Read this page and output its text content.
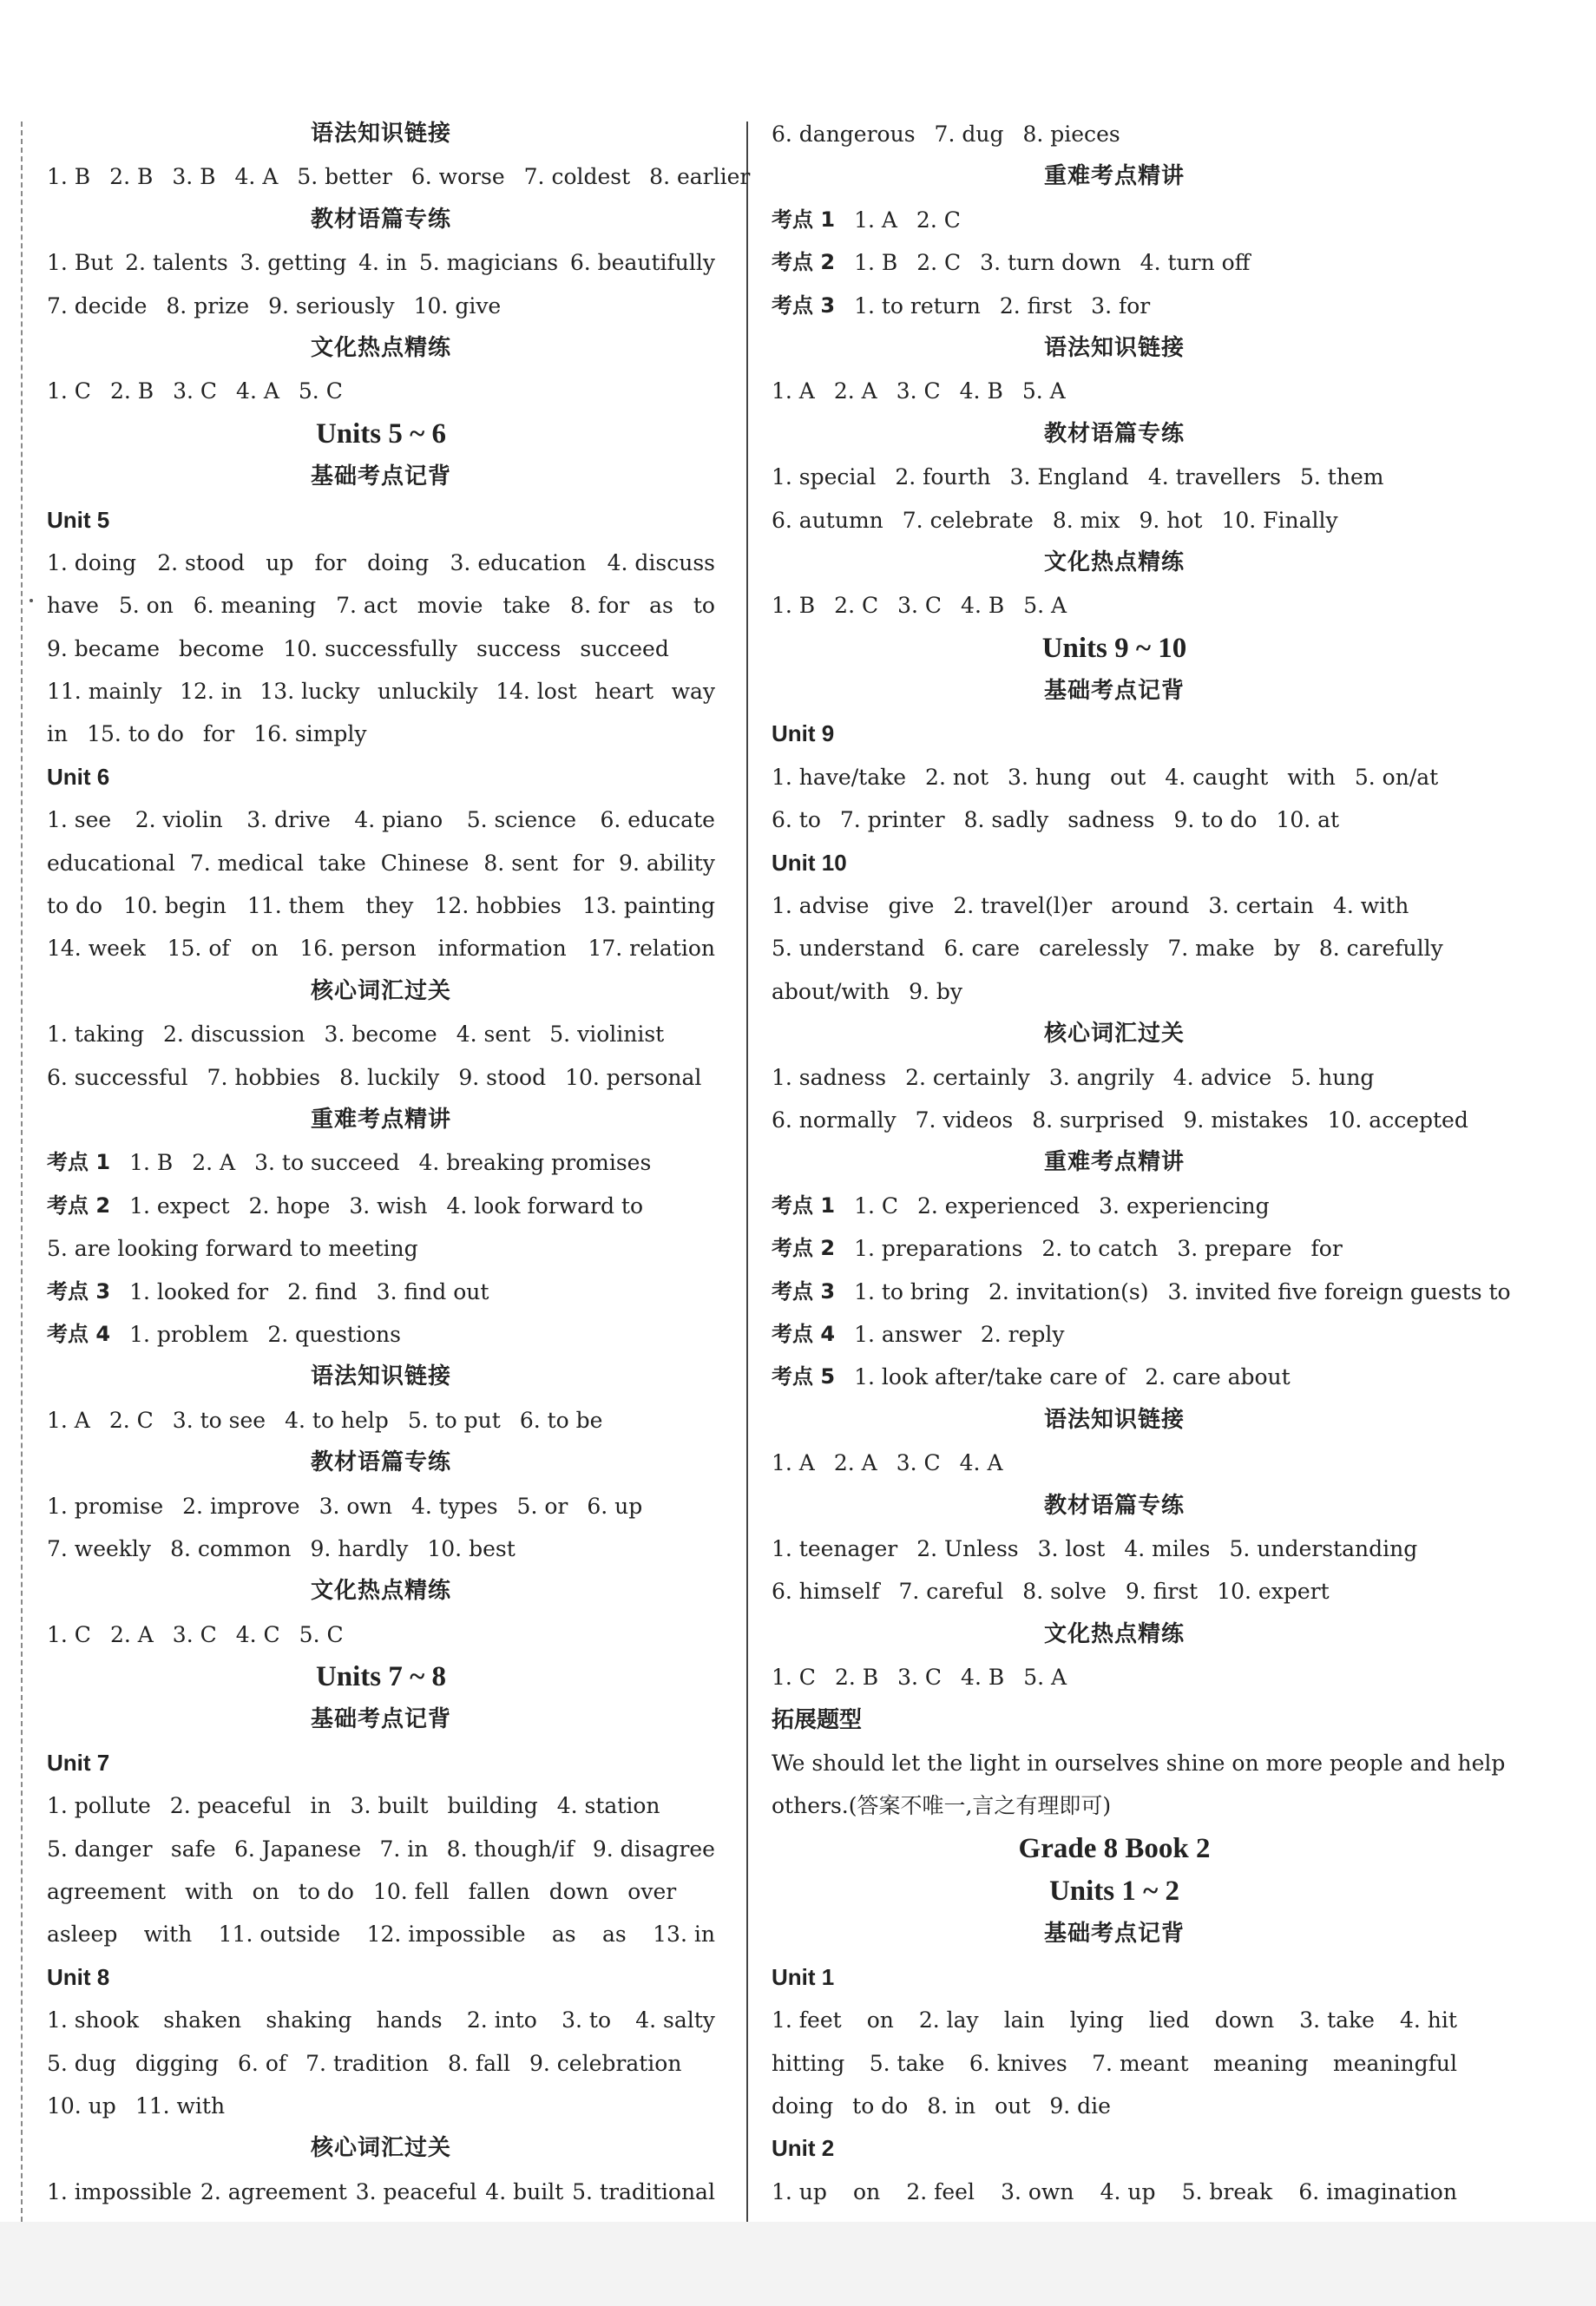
语法知识链接
1. B 2. B 3. B 4. A 5. better 6. worse 7. coldest 8. earlier
教材语篇专练
1. But 2. talents 3. getting 4. in 5. magicians 6. beautifully
7. decide 8. prize 9. seriously 10. give
文化热点精练
1. C 2. B 3. C 4. A 5. C
Units 5 ~ 6
基础考点记背
Unit 5
1. doing 2. stood up for doing 3. education 4. discuss
have 5. on 6. meaning 7. act movie take 8. for as to
9. became become 10. successfully success succeed
11. mainly 12. in 13. lucky unluckily 14. lost heart way
in 15. to do for 16. simply
Unit 6
1. see 2. violin 3. drive 4. piano 5. science 6. educate
educational 7. medical take Chinese 8. sent for 9. ability
to do 10. begin 11. them they 12. hobbies 13. painting
14. week 15. of on 16. person information 17. relation
核心词汇过关
1. taking 2. discussion 3. become 4. sent 5. violinist
6. successful 7. hobbies 8. luckily 9. stood 10. personal
重难考点精讲
考点 1 1. B 2. A 3. to succeed 4. breaking promises
考点 2 1. expect 2. hope 3. wish 4. look forward to
5. are looking forward to meeting
考点 3 1. looked for 2. find 3. find out
考点 4 1. problem 2. questions
语法知识链接
1. A 2. C 3. to see 4. to help 5. to put 6. to be
教材语篇专练
1. promise 2. improve 3. own 4. types 5. or 6. up
7. weekly 8. common 9. hardly 10. best
文化热点精练
1. C 2. A 3. C 4. C 5. C
Units 7 ~ 8
基础考点记背
Unit 7
1. pollute 2. peaceful in 3. built building 4. station
5. danger safe 6. Japanese 7. in 8. though/if 9. disagree
agreement with on to do 10. fell fallen down over
asleep with 11. outside 12. impossible as as 13. in
Unit 8
1. shook shaken shaking hands 2. into 3. to 4. salty
5. dug digging 6. of 7. tradition 8. fall 9. celebration
10. up 11. with
核心词汇过关
1. impossible 2. agreement 3. peaceful 4. built 5. traditional
6. dangerous 7. dug 8. pieces
重难考点精讲
考点 1 1. A 2. C
考点 2 1. B 2. C 3. turn down 4. turn off
考点 3 1. to return 2. first 3. for
语法知识链接
1. A 2. A 3. C 4. B 5. A
教材语篇专练
1. special 2. fourth 3. England 4. travellers 5. them
6. autumn 7. celebrate 8. mix 9. hot 10. Finally
文化热点精练
1. B 2. C 3. C 4. B 5. A
Units 9 ~ 10
基础考点记背
Unit 9
1. have/take 2. not 3. hung out 4. caught with 5. on/at
6. to 7. printer 8. sadly sadness 9. to do 10. at
Unit 10
1. advise give 2. travel(l)er around 3. certain 4. with
5. understand 6. care carelessly 7. make by 8. carefully
about/with 9. by
核心词汇过关
1. sadness 2. certainly 3. angrily 4. advice 5. hung
6. normally 7. videos 8. surprised 9. mistakes 10. accepted
重难考点精讲
考点 1 1. C 2. experienced 3. experiencing
考点 2 1. preparations 2. to catch 3. prepare for
考点 3 1. to bring 2. invitation(s) 3. invited five foreign guests to
考点 4 1. answer 2. reply
考点 5 1. look after/take care of 2. care about
语法知识链接
1. A 2. A 3. C 4. A
教材语篇专练
1. teenager 2. Unless 3. lost 4. miles 5. understanding
6. himself 7. careful 8. solve 9. first 10. expert
文化热点精练
1. C 2. B 3. C 4. B 5. A
拓展题型
We should let the light in ourselves shine on more people and help
others.(答案不唯一,言之有理即可)
Grade 8 Book 2
Units 1 ~ 2
基础考点记背
Unit 1
1. feet on 2. lay lain lying lied down 3. take 4. hit
hitting 5. take 6. knives 7. meant meaning meaningful
doing to do 8. in out 9. die
Unit 2
1. up on 2. feel 3. own 4. up 5. break 6. imagination
